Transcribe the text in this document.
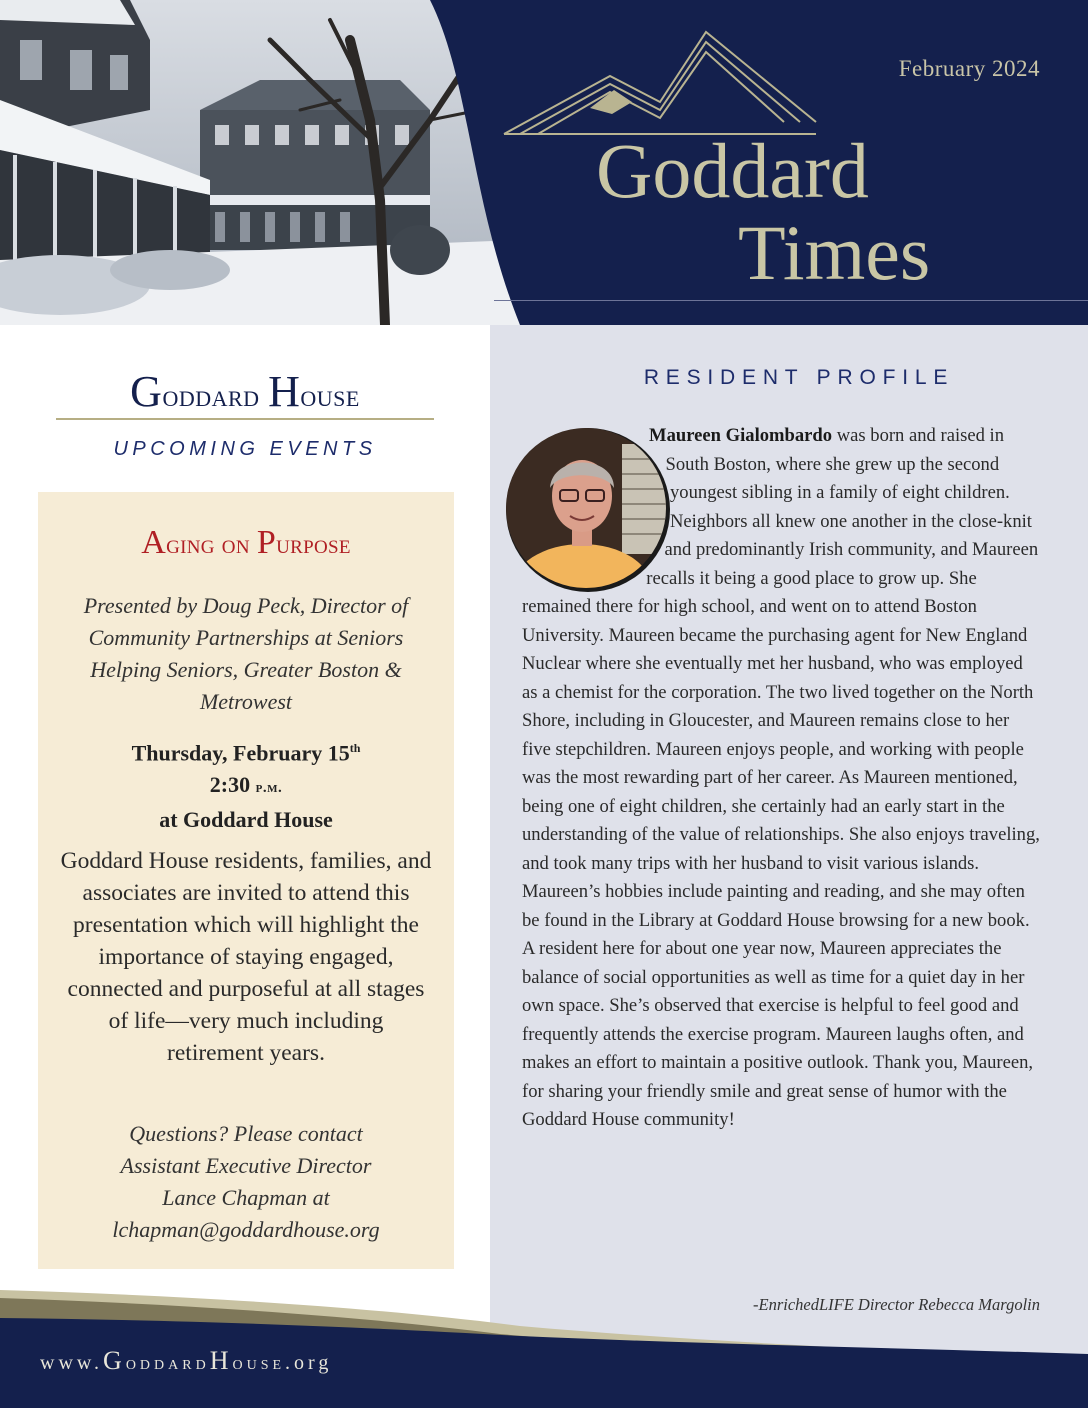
February 2024
Goddard
Times
Goddard House
UPCOMING EVENTS
Aging on Purpose
Presented by Doug Peck, Director of Community Partnerships at Seniors Helping Seniors, Greater Boston & Metrowest
Thursday, February 15th
2:30 p.m.
at Goddard House
Goddard House residents, families, and associates are invited to attend this presentation which will highlight the importance of staying engaged, connected and purposeful at all stages of life—very much including retirement years.
Questions? Please contact
Assistant Executive Director
Lance Chapman at
lchapman@goddardhouse.org
RESIDENT PROFILE
Maureen Gialombardo was born and raised in South Boston, where she grew up the second youngest sibling in a family of eight children. Neighbors all knew one another in the close-knit and predominantly Irish community, and Maureen recalls it being a good place to grow up. She remained there for high school, and went on to attend Boston University. Maureen became the purchasing agent for New England Nuclear where she eventually met her husband, who was employed as a chemist for the corporation. The two lived together on the North Shore, including in Gloucester, and Maureen remains close to her five stepchildren. Maureen enjoys people, and working with people was the most rewarding part of her career. As Maureen mentioned, being one of eight children, she certainly had an early start in the understanding of the value of relationships. She also enjoys traveling, and took many trips with her husband to visit various islands. Maureen’s hobbies include painting and reading, and she may often be found in the Library at Goddard House browsing for a new book. A resident here for about one year now, Maureen appreciates the balance of social opportunities as well as time for a quiet day in her own space. She’s observed that exercise is helpful to feel good and frequently attends the exercise program. Maureen laughs often, and makes an effort to maintain a positive outlook. Thank you, Maureen, for sharing your friendly smile and great sense of humor with the Goddard House community!
-EnrichedLIFE Director Rebecca Margolin
www.GoddardHouse.org
